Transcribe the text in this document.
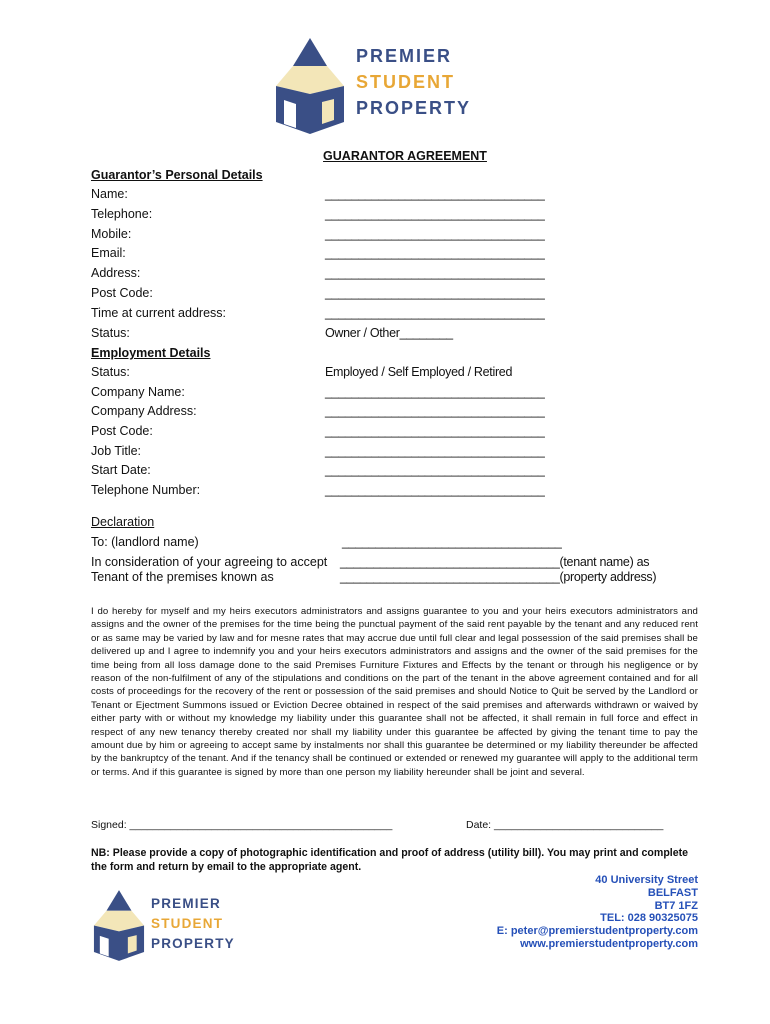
PREMIER
STUDENT
PROPERTY
GUARANTOR AGREEMENT
Guarantor’s Personal Details
Name:	_________________________________
Telephone:	_________________________________
Mobile:	_________________________________
Email:	_________________________________
Address:	_________________________________
Post Code:	_________________________________
Time at current address:	_________________________________
Status:	Owner / Other________
Employment Details
Status:	Employed / Self Employed / Retired
Company Name:	_________________________________
Company Address:	_________________________________
Post Code:	_________________________________
Job Title:	_________________________________
Start Date:	_________________________________
Telephone Number:	_________________________________
Declaration
To: (landlord name)	_________________________________
In consideration of your agreeing to accept _________________________________(tenant name) as
Tenant of the premises known as	_________________________________(property address)
I do hereby for myself and my heirs executors administrators and assigns guarantee to you and your heirs executors administrators and assigns and the owner of the premises for the time being the punctual payment of the said rent payable by the tenant and any reduced rent or as same may be varied by law and for mesne rates that may accrue due until full clear and legal possession of the said premises shall be delivered up and I agree to indemnify you and your heirs executors administrators and assigns and the owner of the said premises for the time being from all loss damage done to the said Premises Furniture Fixtures and Effects by the tenant or through his negligence or by reason of the non-fulfilment of any of the stipulations and conditions on the part of the tenant in the above agreement contained and for all costs of proceedings for the recovery of the rent or possession of the said premises and should Notice to Quit be served by the Landlord or Tenant or Ejectment Summons issued or Eviction Decree obtained in respect of the said premises and afterwards withdrawn or waived by either party with or without my knowledge my liability under this guarantee shall not be affected, it shall remain in full force and effect in respect of any new tenancy thereby created nor shall my liability under this guarantee be affected by giving the tenant time to pay the amount due by him or agreeing to accept same by instalments nor shall this guarantee be determined or my liability thereunder be affected by the bankruptcy of the tenant. And if the tenancy shall be continued or extended or renewed my guarantee will apply to the additional term or terms. And if this guarantee is signed by more than one person my liability hereunder shall be joint and several.
Signed: _____________________________________________	Date: _____________________________
NB: Please provide a copy of photographic identification and proof of address (utility bill). You may print and complete the form and return by email to the appropriate agent.
PREMIER
STUDENT
PROPERTY
40 University Street
BELFAST
BT7 1FZ
TEL: 028 90325075
E: peter@premierstudentproperty.com
www.premierstudentproperty.com
